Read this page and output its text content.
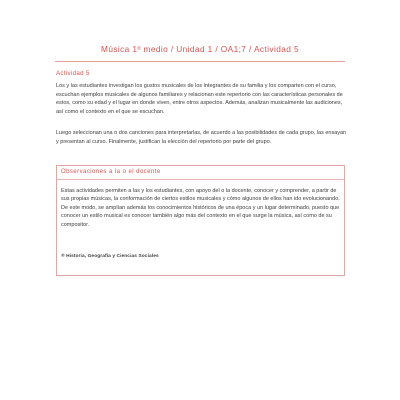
Música 1º medio / Unidad 1 / OA1;7 / Actividad 5
Actividad 5

Los y las estudiantes investigan los gustos musicales de los integrantes de su familia y los comparten con el curso, escuchan ejemplos musicales de algunos familiares y relacionan este repertorio con las características personales de estos, como su edad y el lugar en donde viven, entre otros aspectos. Además, analizan musicalmente las audiciones, así como el contexto en el que se escuchan.

Luego seleccionan una o dos canciones para interpretarlas, de acuerdo a las posibilidades de cada grupo, las ensayan y presentan al curso. Finalmente, justifican la elección del repertorio por parte del grupo.

Observaciones a la o el docente

Estas actividades permiten a las y los estudiantes, con apoyo del o la docente, conocer y comprender, a partir de sus propias músicas, la conformación de ciertos estilos musicales y cómo algunos de ellos han ido evolucionando. De este modo, se amplían además los conocimientos históricos de una época y un lugar determinado, puesto que conocer un estilo musical es conocer también algo más del contexto en el que surge la música, así como de su compositor.

® Historia, Geografía y Ciencias Sociales
